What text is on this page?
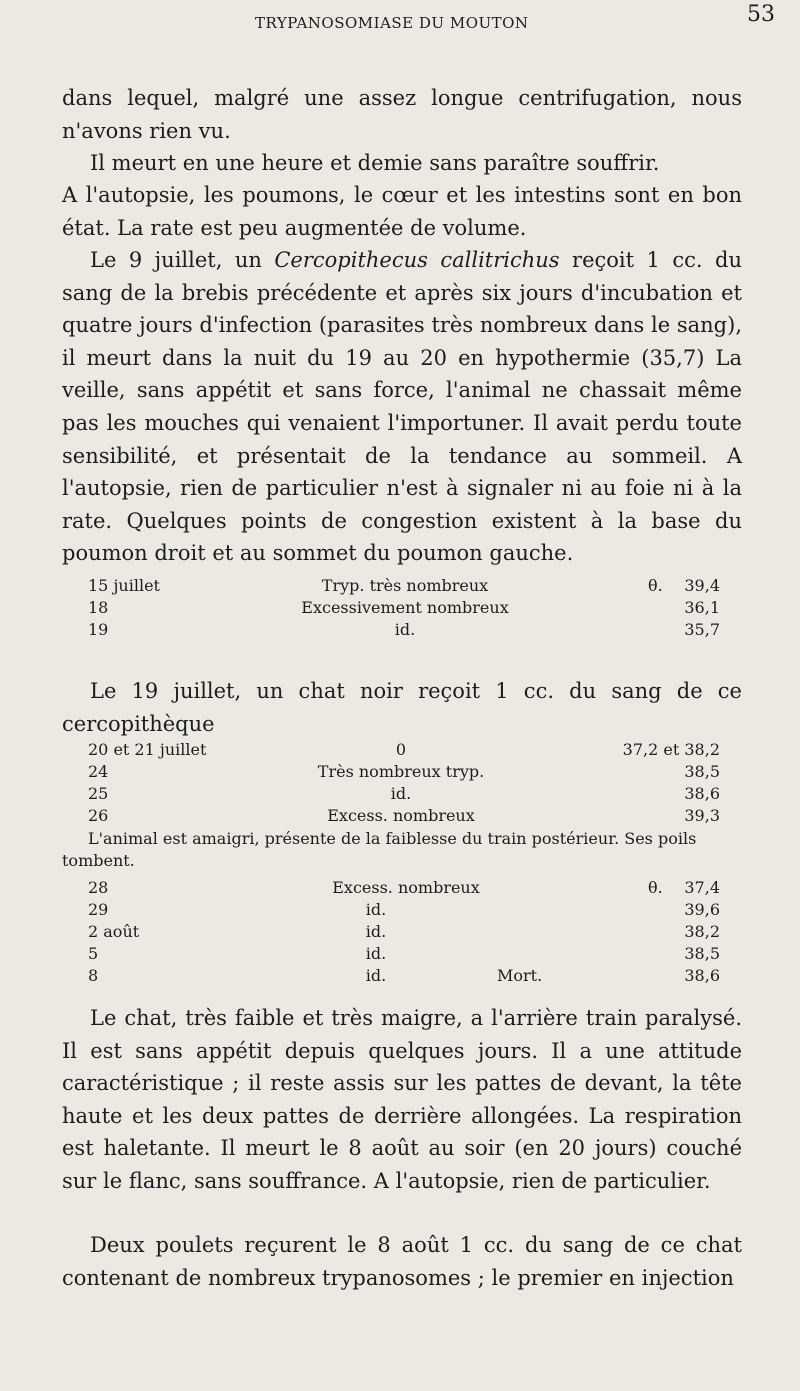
TRYPANOSOMIASE DU MOUTON	53

dans lequel, malgré une assez longue centrifugation, nous n'avons rien vu.

Il meurt en une heure et demie sans paraître souffrir.

A l'autopsie, les poumons, le cœur et les intestins sont en bon état. La rate est peu augmentée de volume.

Le 9 juillet, un Cercopithecus callitrichus reçoit 1 cc. du sang de la brebis précédente et après six jours d'incubation et quatre jours d'infection (parasites très nombreux dans le sang), il meurt dans la nuit du 19 au 20 en hypothermie (35,7) La veille, sans appétit et sans force, l'animal ne chassait même pas les mouches qui venaient l'importuner. Il avait perdu toute sensibilité, et présentait de la tendance au sommeil. A l'autopsie, rien de particulier n'est à signaler ni au foie ni à la rate. Quelques points de congestion existent à la base du poumon droit et au sommet du poumon gauche.

15 juillet	Tryp. très nombreux	θ. 39,4
18	Excessivement nombreux	36,1
19	id.	35,7

Le 19 juillet, un chat noir reçoit 1 cc. du sang de ce cercopithèque

20 et 21 juillet	0	37,2 et 38,2
24	Très nombreux tryp.	38,5
25	id.	38,6
26	Excess. nombreux	39,3

L'animal est amaigri, présente de la faiblesse du train postérieur. Ses poils tombent.

28	Excess. nombreux	θ. 37,4
29	id.	39,6
2 août	id.	38,2
5	id.	38,5
8	id.	Mort.	38,6

Le chat, très faible et très maigre, a l'arrière train paralysé. Il est sans appétit depuis quelques jours. Il a une attitude caractéristique ; il reste assis sur les pattes de devant, la tête haute et les deux pattes de derrière allongées. La respiration est haletante. Il meurt le 8 août au soir (en 20 jours) couché sur le flanc, sans souffrance. A l'autopsie, rien de particulier.

Deux poulets reçurent le 8 août 1 cc. du sang de ce chat contenant de nombreux trypanosomes ; le premier en injection
